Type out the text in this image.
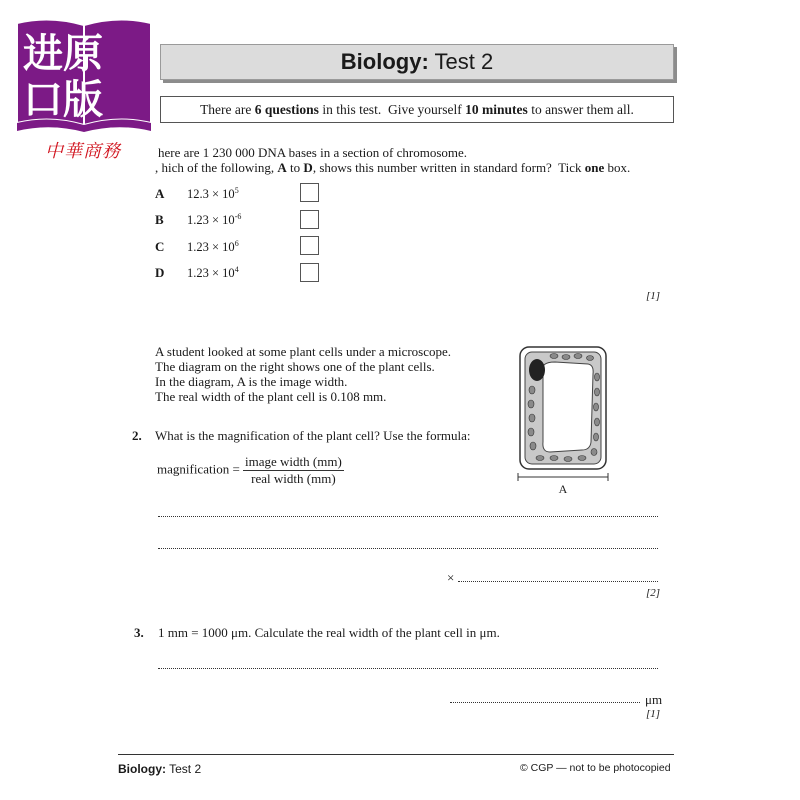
进原
口版
中華商務
Biology: Test 2
There are 6 questions in this test.  Give yourself 10 minutes to answer them all.
here are 1 230 000 DNA bases in a section of chromosome.
, hich of the following, A to D, shows this number written in standard form?  Tick one box.
A $12.3 \times 10^5$
B $1.23 \times 10^{-6}$
C $1.23 \times 10^6$
D $1.23 \times 10^4$
[1]
A student looked at some plant cells under a microscope.
The diagram on the right shows one of the plant cells.
In the diagram, A is the image width.
The real width of the plant cell is 0.108 mm.
A
2. What is the magnification of the plant cell? Use the formula:
magnification = $\frac{\text{image width (mm)}}{\text{real width (mm)}}$
×
[2]
3. 1 mm = 1000 μm. Calculate the real width of the plant cell in μm.
μm
[1]
Biology: Test 2	© CGP — not to be photocopied
